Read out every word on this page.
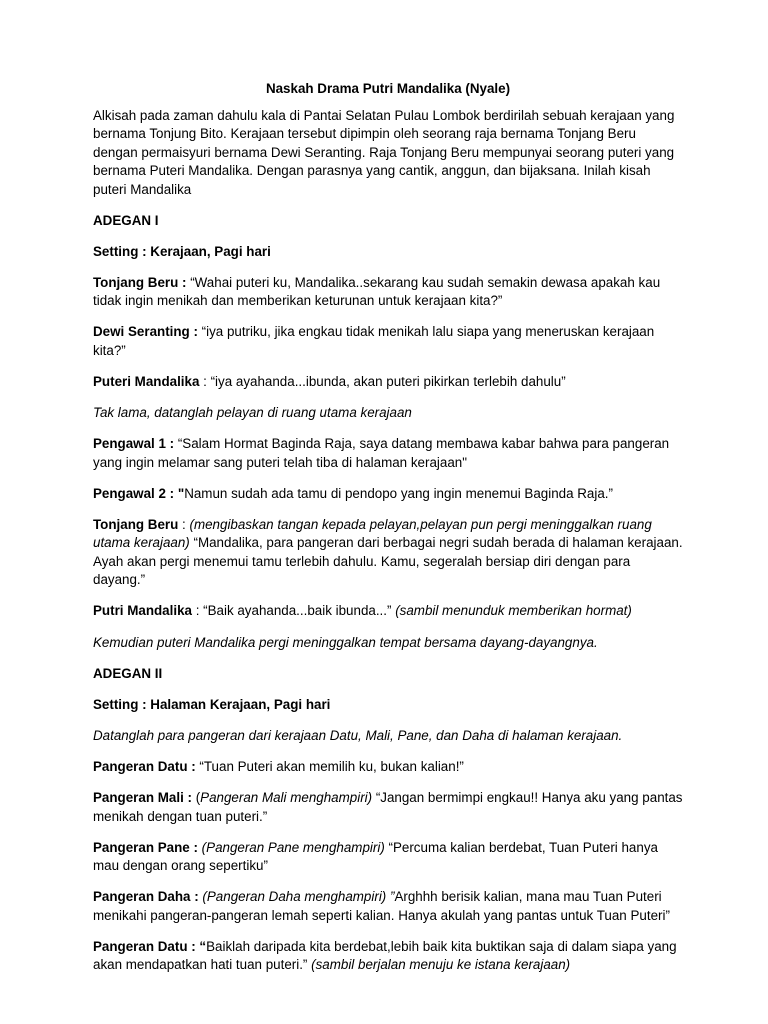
Naskah Drama Putri Mandalika (Nyale)
Alkisah pada zaman dahulu kala di Pantai Selatan Pulau Lombok berdirilah sebuah kerajaan yang bernama Tonjung Bito. Kerajaan tersebut dipimpin oleh seorang raja bernama Tonjang Beru dengan permaisyuri bernama Dewi Seranting. Raja Tonjang Beru mempunyai seorang puteri yang bernama Puteri Mandalika. Dengan parasnya yang cantik, anggun, dan bijaksana. Inilah kisah puteri Mandalika
ADEGAN I
Setting : Kerajaan, Pagi hari
Tonjang Beru : “Wahai puteri ku, Mandalika..sekarang kau sudah semakin dewasa apakah kau tidak ingin menikah dan memberikan keturunan untuk kerajaan kita?”
Dewi Seranting : “iya putriku, jika engkau tidak menikah lalu siapa yang meneruskan kerajaan kita?”
Puteri Mandalika : “iya ayahanda...ibunda, akan puteri pikirkan terlebih dahulu”
Tak lama, datanglah pelayan di ruang utama kerajaan
Pengawal 1 : “Salam Hormat Baginda Raja, saya datang membawa kabar bahwa para pangeran yang ingin melamar sang puteri telah tiba di halaman kerajaan"
Pengawal 2 : "Namun sudah ada tamu di pendopo yang ingin menemui Baginda Raja.”
Tonjang Beru : (mengibaskan tangan kepada pelayan,pelayan pun pergi meninggalkan ruang utama kerajaan) “Mandalika, para pangeran dari berbagai negri sudah berada di halaman kerajaan. Ayah akan pergi menemui tamu terlebih dahulu. Kamu, segeralah bersiap diri dengan para dayang.”
Putri Mandalika : “Baik ayahanda...baik ibunda...” (sambil menunduk memberikan hormat)
Kemudian puteri Mandalika pergi meninggalkan tempat bersama dayang-dayangnya.
ADEGAN II
Setting : Halaman Kerajaan, Pagi hari
Datanglah para pangeran dari kerajaan Datu, Mali, Pane, dan Daha di halaman kerajaan.
Pangeran Datu : “Tuan Puteri akan memilih ku, bukan kalian!”
Pangeran Mali : (Pangeran Mali menghampiri) “Jangan bermimpi engkau!! Hanya aku yang pantas menikah dengan tuan puteri.”
Pangeran Pane : (Pangeran Pane menghampiri) “Percuma kalian berdebat, Tuan Puteri hanya mau dengan orang sepertiku”
Pangeran Daha : (Pangeran Daha menghampiri) ”Arghhh berisik kalian, mana mau Tuan Puteri menikahi pangeran-pangeran lemah seperti kalian. Hanya akulah yang pantas untuk Tuan Puteri”
Pangeran Datu : “Baiklah daripada kita berdebat,lebih baik kita buktikan saja di dalam siapa yang akan mendapatkan hati tuan puteri.” (sambil berjalan menuju ke istana kerajaan)
